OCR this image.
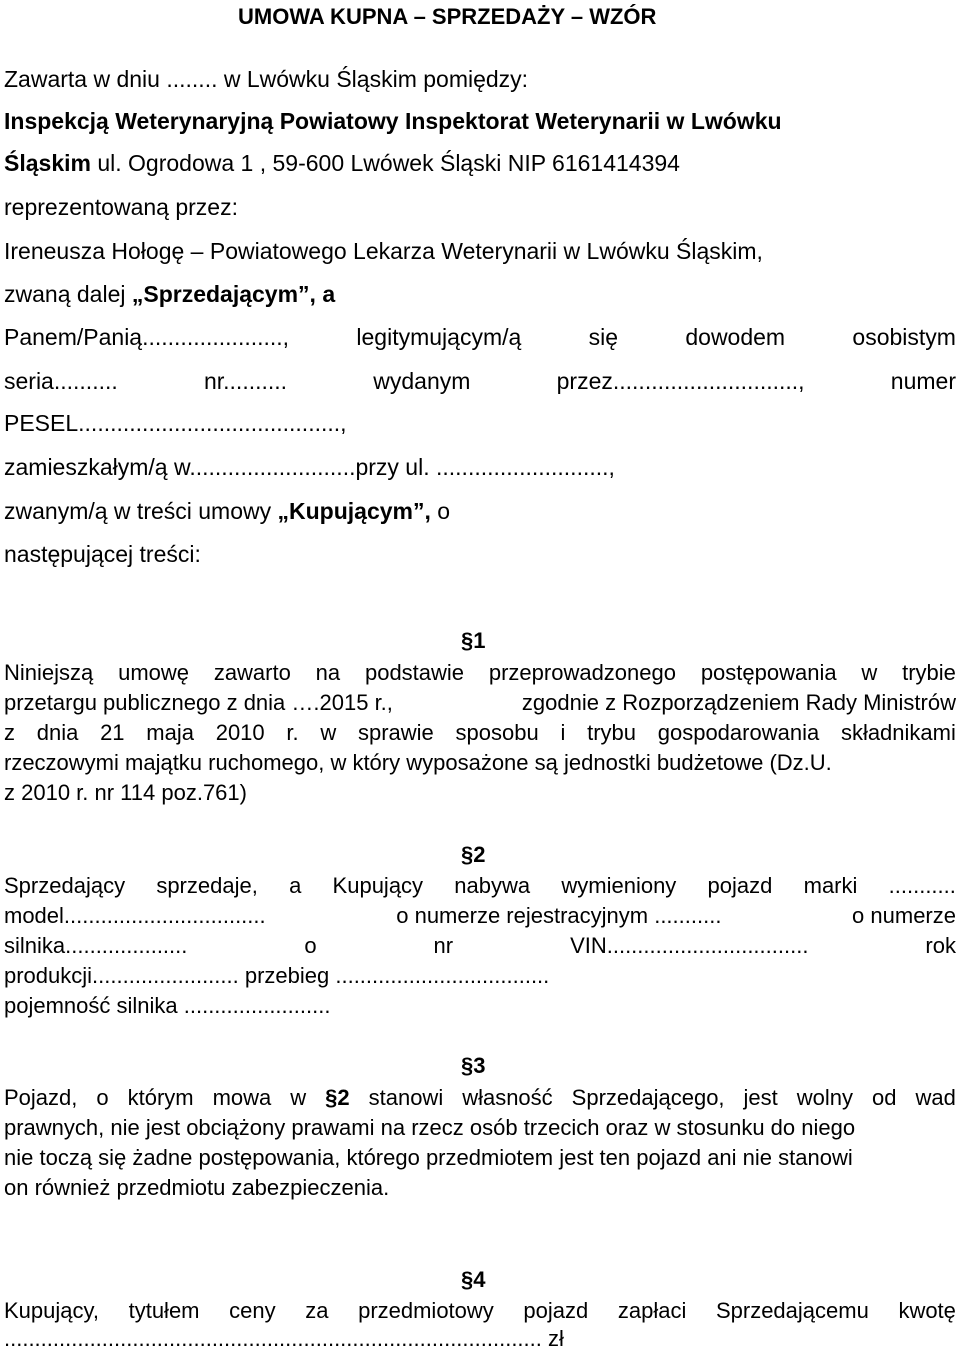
UMOWA KUPNA – SPRZEDAŻY – WZÓR
Zawarta w dniu ........ w Lwówku Śląskim pomiędzy:
Inspekcją Weterynaryjną Powiatowy Inspektorat Weterynarii w Lwówku
Śląskim ul. Ogrodowa 1 , 59-600 Lwówek Śląski NIP 6161414394
reprezentowaną przez:
Ireneusza Hołogę – Powiatowego Lekarza Weterynarii w Lwówku Śląskim,
zwaną dalej „Sprzedającym”, a
Panem/Panią......................,	legitymującym/ą	się	dowodem	osobistym
seria..........	nr..........	wydanym	przez.............................,	numer
PESEL.........................................,
zamieszkałym/ą w..........................przy ul. ...........................,
zwanym/ą w treści umowy „Kupującym”, o
następującej treści:
§1
Niniejszą umowę zawarto na podstawie przeprowadzonego postępowania w trybie
przetargu publicznego z dnia ….2015 r.,	zgodnie z Rozporządzeniem Rady Ministrów
z dnia 21 maja 2010 r. w sprawie sposobu i trybu gospodarowania składnikami
rzeczowymi majątku ruchomego, w który wyposażone są jednostki budżetowe (Dz.U.
z 2010 r. nr 114 poz.761)
§2
Sprzedający sprzedaje, a Kupujący nabywa wymieniony pojazd marki ...........
model.................................	o numerze rejestracyjnym ...........	o numerze
silnika....................	o	nr	VIN.................................	rok
produkcji........................ przebieg ...................................
pojemność silnika ........................
§3
Pojazd, o którym mowa w §2 stanowi własność Sprzedającego, jest wolny od wad
prawnych, nie jest obciążony prawami na rzecz osób trzecich oraz w stosunku do niego
nie toczą się żadne postępowania, którego przedmiotem jest ten pojazd ani nie stanowi
on również przedmiotu zabezpieczenia.
§4
Kupujący, tytułem ceny za przedmiotowy pojazd zapłaci Sprzedającemu kwotę
........................................................................................ zł
